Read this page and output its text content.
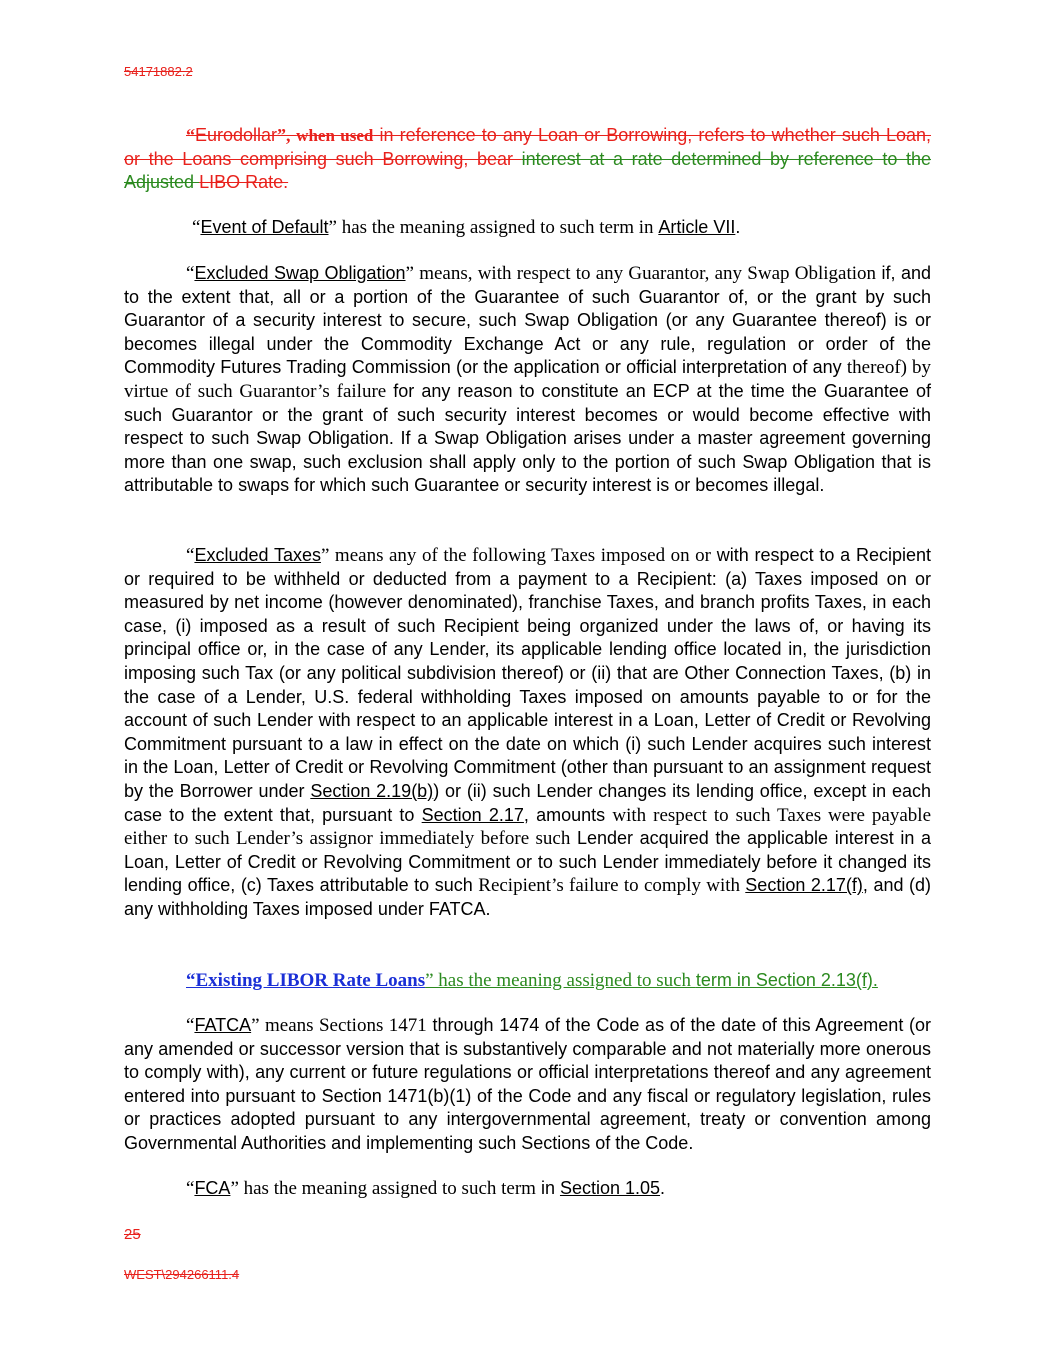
54171882.2

“Eurodollar”, when used in reference to any Loan or Borrowing, refers to whether such Loan, or the Loans comprising such Borrowing, bear interest at a rate determined by reference to the Adjusted LIBO Rate.

“Event of Default” has the meaning assigned to such term in Article VII.

“Excluded Swap Obligation” means, with respect to any Guarantor, any Swap Obligation if, and to the extent that, all or a portion of the Guarantee of such Guarantor of, or the grant by such Guarantor of a security interest to secure, such Swap Obligation (or any Guarantee thereof) is or becomes illegal under the Commodity Exchange Act or any rule, regulation or order of the Commodity Futures Trading Commission (or the application or official interpretation of any thereof) by virtue of such Guarantor’s failure for any reason to constitute an ECP at the time the Guarantee of such Guarantor or the grant of such security interest becomes or would become effective with respect to such Swap Obligation. If a Swap Obligation arises under a master agreement governing more than one swap, such exclusion shall apply only to the portion of such Swap Obligation that is attributable to swaps for which such Guarantee or security interest is or becomes illegal.

“Excluded Taxes” means any of the following Taxes imposed on or with respect to a Recipient or required to be withheld or deducted from a payment to a Recipient: (a) Taxes imposed on or measured by net income (however denominated), franchise Taxes, and branch profits Taxes, in each case, (i) imposed as a result of such Recipient being organized under the laws of, or having its principal office or, in the case of any Lender, its applicable lending office located in, the jurisdiction imposing such Tax (or any political subdivision thereof) or (ii) that are Other Connection Taxes, (b) in the case of a Lender, U.S. federal withholding Taxes imposed on amounts payable to or for the account of such Lender with respect to an applicable interest in a Loan, Letter of Credit or Revolving Commitment pursuant to a law in effect on the date on which (i) such Lender acquires such interest in the Loan, Letter of Credit or Revolving Commitment (other than pursuant to an assignment request by the Borrower under Section 2.19(b)) or (ii) such Lender changes its lending office, except in each case to the extent that, pursuant to Section 2.17, amounts with respect to such Taxes were payable either to such Lender’s assignor immediately before such Lender acquired the applicable interest in a Loan, Letter of Credit or Revolving Commitment or to such Lender immediately before it changed its lending office, (c) Taxes attributable to such Recipient’s failure to comply with Section 2.17(f), and (d) any withholding Taxes imposed under FATCA.

“Existing LIBOR Rate Loans” has the meaning assigned to such term in Section 2.13(f).

“FATCA” means Sections 1471 through 1474 of the Code as of the date of this Agreement (or any amended or successor version that is substantively comparable and not materially more onerous to comply with), any current or future regulations or official interpretations thereof and any agreement entered into pursuant to Section 1471(b)(1) of the Code and any fiscal or regulatory legislation, rules or practices adopted pursuant to any intergovernmental agreement, treaty or convention among Governmental Authorities and implementing such Sections of the Code.

“FCA” has the meaning assigned to such term in Section 1.05.

25
WEST\294266111.4
